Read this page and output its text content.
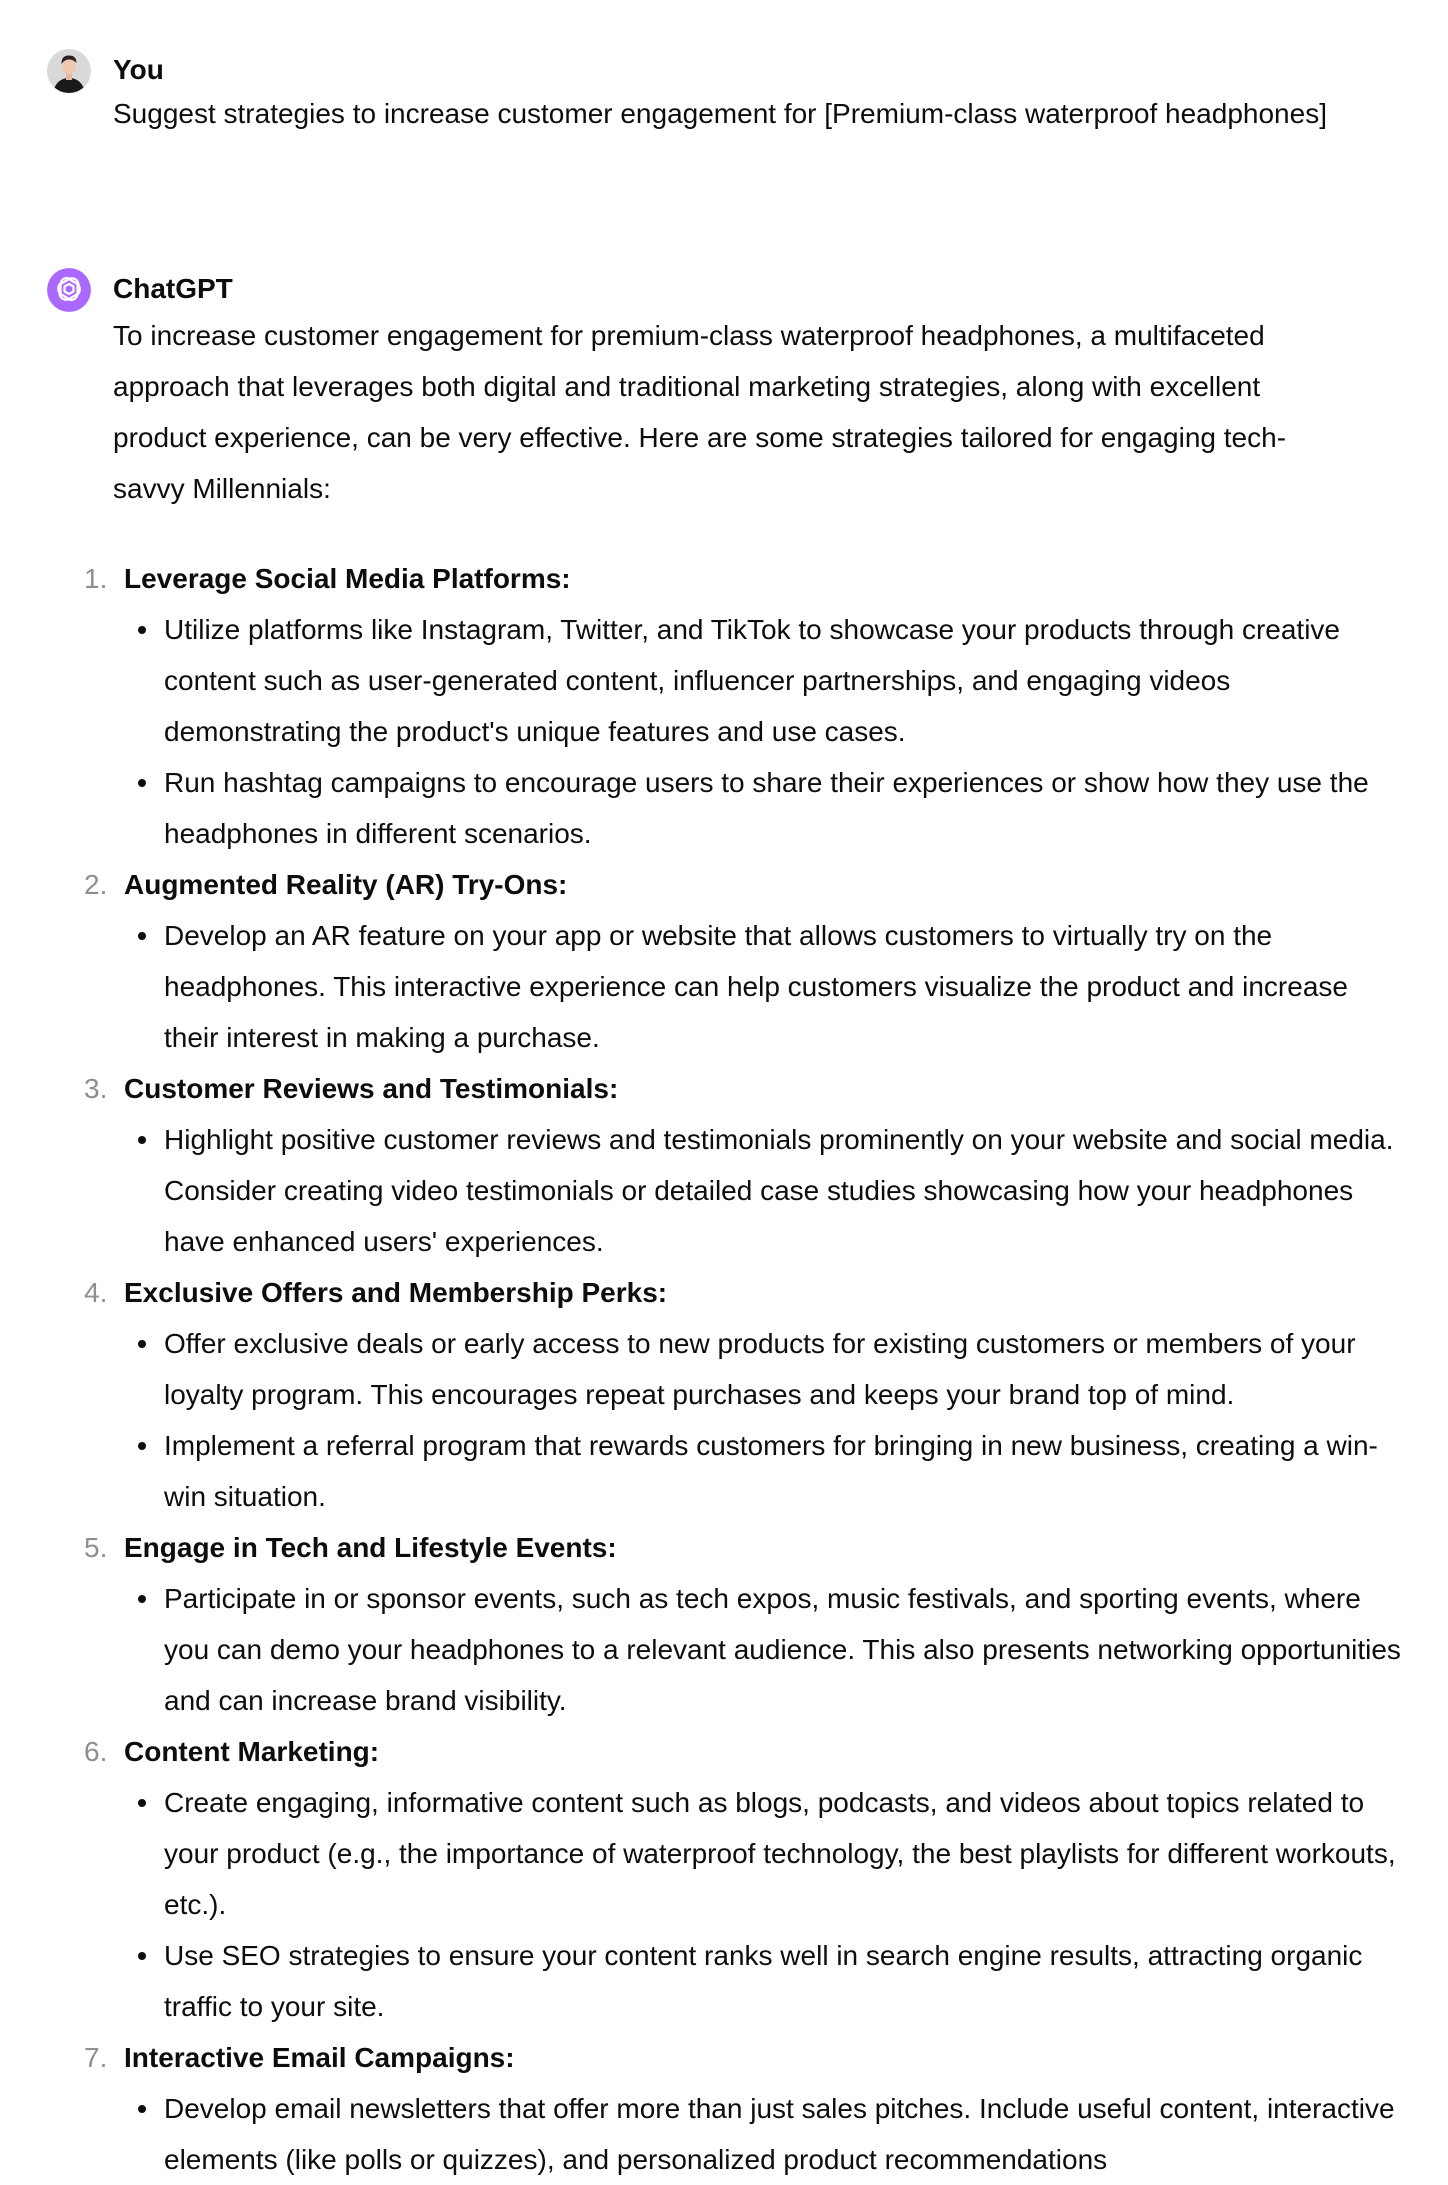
You
Suggest strategies to increase customer engagement for [Premium-class waterproof headphones]
ChatGPT
To increase customer engagement for premium-class waterproof headphones, a multifaceted approach that leverages both digital and traditional marketing strategies, along with excellent product experience, can be very effective. Here are some strategies tailored for engaging tech-savvy Millennials:
1. Leverage Social Media Platforms:
Utilize platforms like Instagram, Twitter, and TikTok to showcase your products through creative content such as user-generated content, influencer partnerships, and engaging videos demonstrating the product's unique features and use cases.
Run hashtag campaigns to encourage users to share their experiences or show how they use the headphones in different scenarios.
2. Augmented Reality (AR) Try-Ons:
Develop an AR feature on your app or website that allows customers to virtually try on the headphones. This interactive experience can help customers visualize the product and increase their interest in making a purchase.
3. Customer Reviews and Testimonials:
Highlight positive customer reviews and testimonials prominently on your website and social media. Consider creating video testimonials or detailed case studies showcasing how your headphones have enhanced users' experiences.
4. Exclusive Offers and Membership Perks:
Offer exclusive deals or early access to new products for existing customers or members of your loyalty program. This encourages repeat purchases and keeps your brand top of mind.
Implement a referral program that rewards customers for bringing in new business, creating a win-win situation.
5. Engage in Tech and Lifestyle Events:
Participate in or sponsor events, such as tech expos, music festivals, and sporting events, where you can demo your headphones to a relevant audience. This also presents networking opportunities and can increase brand visibility.
6. Content Marketing:
Create engaging, informative content such as blogs, podcasts, and videos about topics related to your product (e.g., the importance of waterproof technology, the best playlists for different workouts, etc.).
Use SEO strategies to ensure your content ranks well in search engine results, attracting organic traffic to your site.
7. Interactive Email Campaigns:
Develop email newsletters that offer more than just sales pitches. Include useful content, interactive elements (like polls or quizzes), and personalized product recommendations
